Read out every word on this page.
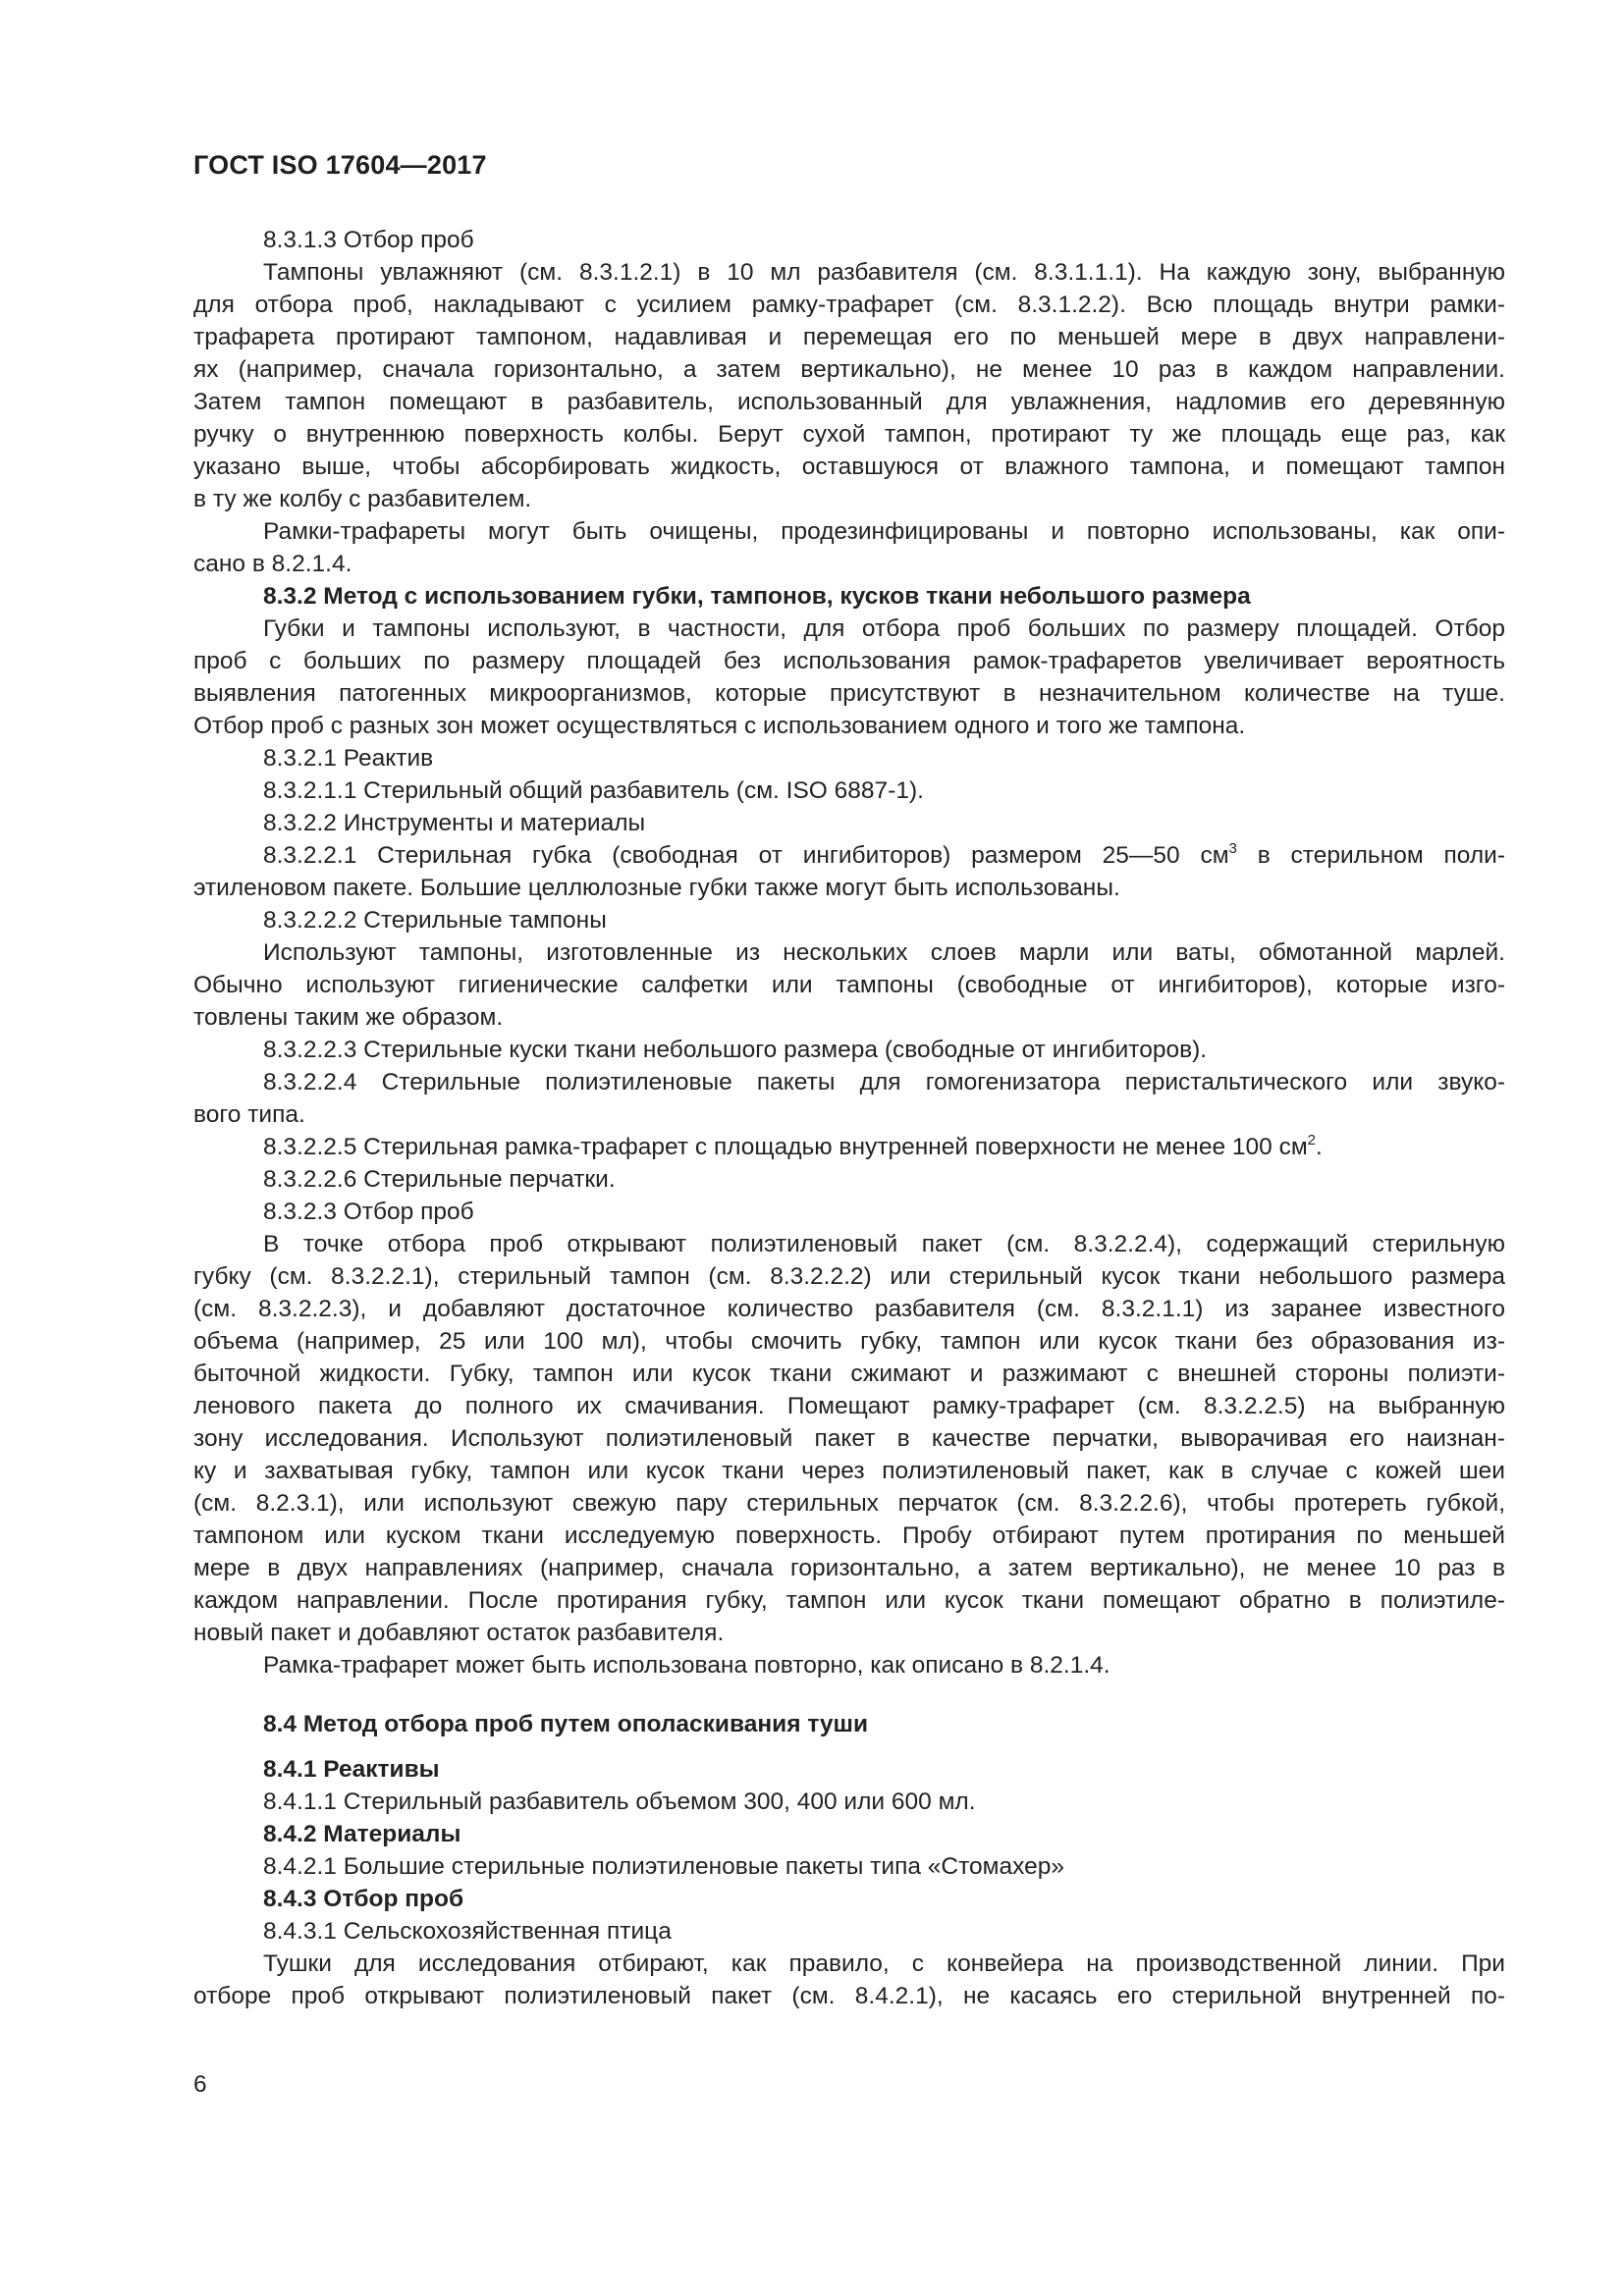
ГОСТ ISO 17604—2017
8.3.1.3 Отбор проб
Тампоны увлажняют (см. 8.3.1.2.1) в 10 мл разбавителя (см. 8.3.1.1.1). На каждую зону, выбранную
для отбора проб, накладывают с усилием рамку-трафарет (см. 8.3.1.2.2). Всю площадь внутри рамки-
трафарета протирают тампоном, надавливая и перемещая его по меньшей мере в двух направлени-
ях (например, сначала горизонтально, а затем вертикально), не менее 10 раз в каждом направлении.
Затем тампон помещают в разбавитель, использованный для увлажнения, надломив его деревянную
ручку о внутреннюю поверхность колбы. Берут сухой тампон, протирают ту же площадь еще раз, как
указано выше, чтобы абсорбировать жидкость, оставшуюся от влажного тампона, и помещают тампон
в ту же колбу с разбавителем.
Рамки-трафареты могут быть очищены, продезинфицированы и повторно использованы, как опи-
сано в 8.2.1.4.
8.3.2 Метод с использованием губки, тампонов, кусков ткани небольшого размера
Губки и тампоны используют, в частности, для отбора проб больших по размеру площадей. Отбор
проб с больших по размеру площадей без использования рамок-трафаретов увеличивает вероятность
выявления патогенных микроорганизмов, которые присутствуют в незначительном количестве на туше.
Отбор проб с разных зон может осуществляться с использованием одного и того же тампона.
8.3.2.1 Реактив
8.3.2.1.1 Стерильный общий разбавитель (см. ISO 6887-1).
8.3.2.2 Инструменты и материалы
8.3.2.2.1 Стерильная губка (свободная от ингибиторов) размером 25—50 $см^3$ в стерильном поли-
этиленовом пакете. Большие целлюлозные губки также могут быть использованы.
8.3.2.2.2 Стерильные тампоны
Используют тампоны, изготовленные из нескольких слоев марли или ваты, обмотанной марлей.
Обычно используют гигиенические салфетки или тампоны (свободные от ингибиторов), которые изго-
товлены таким же образом.
8.3.2.2.3 Стерильные куски ткани небольшого размера (свободные от ингибиторов).
8.3.2.2.4 Стерильные полиэтиленовые пакеты для гомогенизатора перистальтического или звуко-
вого типа.
8.3.2.2.5 Стерильная рамка-трафарет с площадью внутренней поверхности не менее 100 $см^2$.
8.3.2.2.6 Стерильные перчатки.
8.3.2.3 Отбор проб
В точке отбора проб открывают полиэтиленовый пакет (см. 8.3.2.2.4), содержащий стерильную
губку (см. 8.3.2.2.1), стерильный тампон (см. 8.3.2.2.2) или стерильный кусок ткани небольшого размера
(см. 8.3.2.2.3), и добавляют достаточное количество разбавителя (см. 8.3.2.1.1) из заранее известного
объема (например, 25 или 100 мл), чтобы смочить губку, тампон или кусок ткани без образования из-
быточной жидкости. Губку, тампон или кусок ткани сжимают и разжимают с внешней стороны полиэти-
ленового пакета до полного их смачивания. Помещают рамку-трафарет (см. 8.3.2.2.5) на выбранную
зону исследования. Используют полиэтиленовый пакет в качестве перчатки, выворачивая его наизнан-
ку и захватывая губку, тампон или кусок ткани через полиэтиленовый пакет, как в случае с кожей шеи
(см. 8.2.3.1), или используют свежую пару стерильных перчаток (см. 8.3.2.2.6), чтобы протереть губкой,
тампоном или куском ткани исследуемую поверхность. Пробу отбирают путем протирания по меньшей
мере в двух направлениях (например, сначала горизонтально, а затем вертикально), не менее 10 раз в
каждом направлении. После протирания губку, тампон или кусок ткани помещают обратно в полиэтиле-
новый пакет и добавляют остаток разбавителя.
Рамка-трафарет может быть использована повторно, как описано в 8.2.1.4.
8.4 Метод отбора проб путем ополаскивания туши
8.4.1 Реактивы
8.4.1.1 Стерильный разбавитель объемом 300, 400 или 600 мл.
8.4.2 Материалы
8.4.2.1 Большие стерильные полиэтиленовые пакеты типа «Стомахер»
8.4.3 Отбор проб
8.4.3.1 Сельскохозяйственная птица
Тушки для исследования отбирают, как правило, с конвейера на производственной линии. При
отборе проб открывают полиэтиленовый пакет (см. 8.4.2.1), не касаясь его стерильной внутренней по-
6
